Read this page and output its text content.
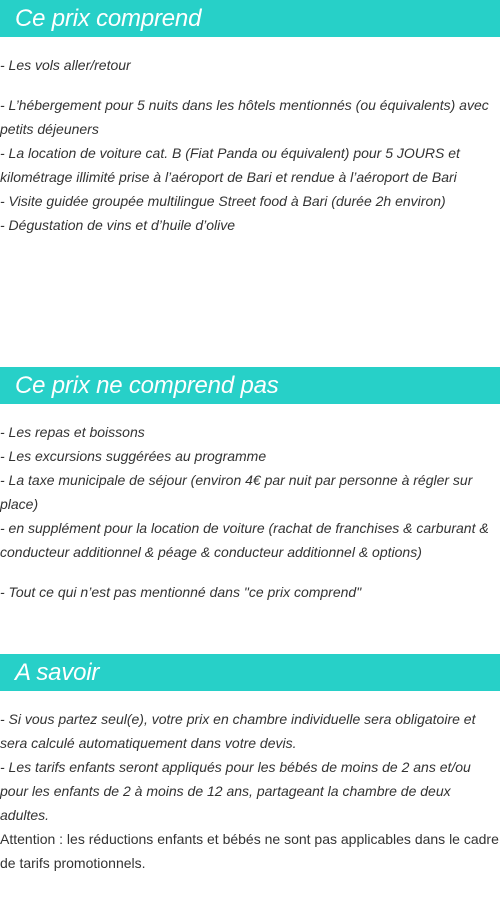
Ce prix comprend
- Les vols aller/retour
- L’hébergement pour 5 nuits dans les hôtels mentionnés (ou équivalents) avec petits déjeuners
- La location de voiture cat. B (Fiat Panda ou équivalent) pour 5 JOURS et kilométrage illimité prise à l’aéroport de Bari et rendue à l’aéroport de Bari
- Visite guidée groupée multilingue Street food à Bari (durée 2h environ)
- Dégustation de vins et d’huile d’olive
Ce prix ne comprend pas
- Les repas et boissons
- Les excursions suggérées au programme
- La taxe municipale de séjour (environ 4€ par nuit par personne à régler sur place)
- en supplément pour la location de voiture (rachat de franchises & carburant & conducteur additionnel & péage & conducteur additionnel & options)
- Tout ce qui n’est pas mentionné dans "ce prix comprend"
A savoir
- Si vous partez seul(e), votre prix en chambre individuelle sera obligatoire et sera calculé automatiquement dans votre devis.
- Les tarifs enfants seront appliqués pour les bébés de moins de 2 ans et/ou pour les enfants de 2 à moins de 12 ans, partageant la chambre de deux adultes.
Attention : les réductions enfants et bébés ne sont pas applicables dans le cadre de tarifs promotionnels.
